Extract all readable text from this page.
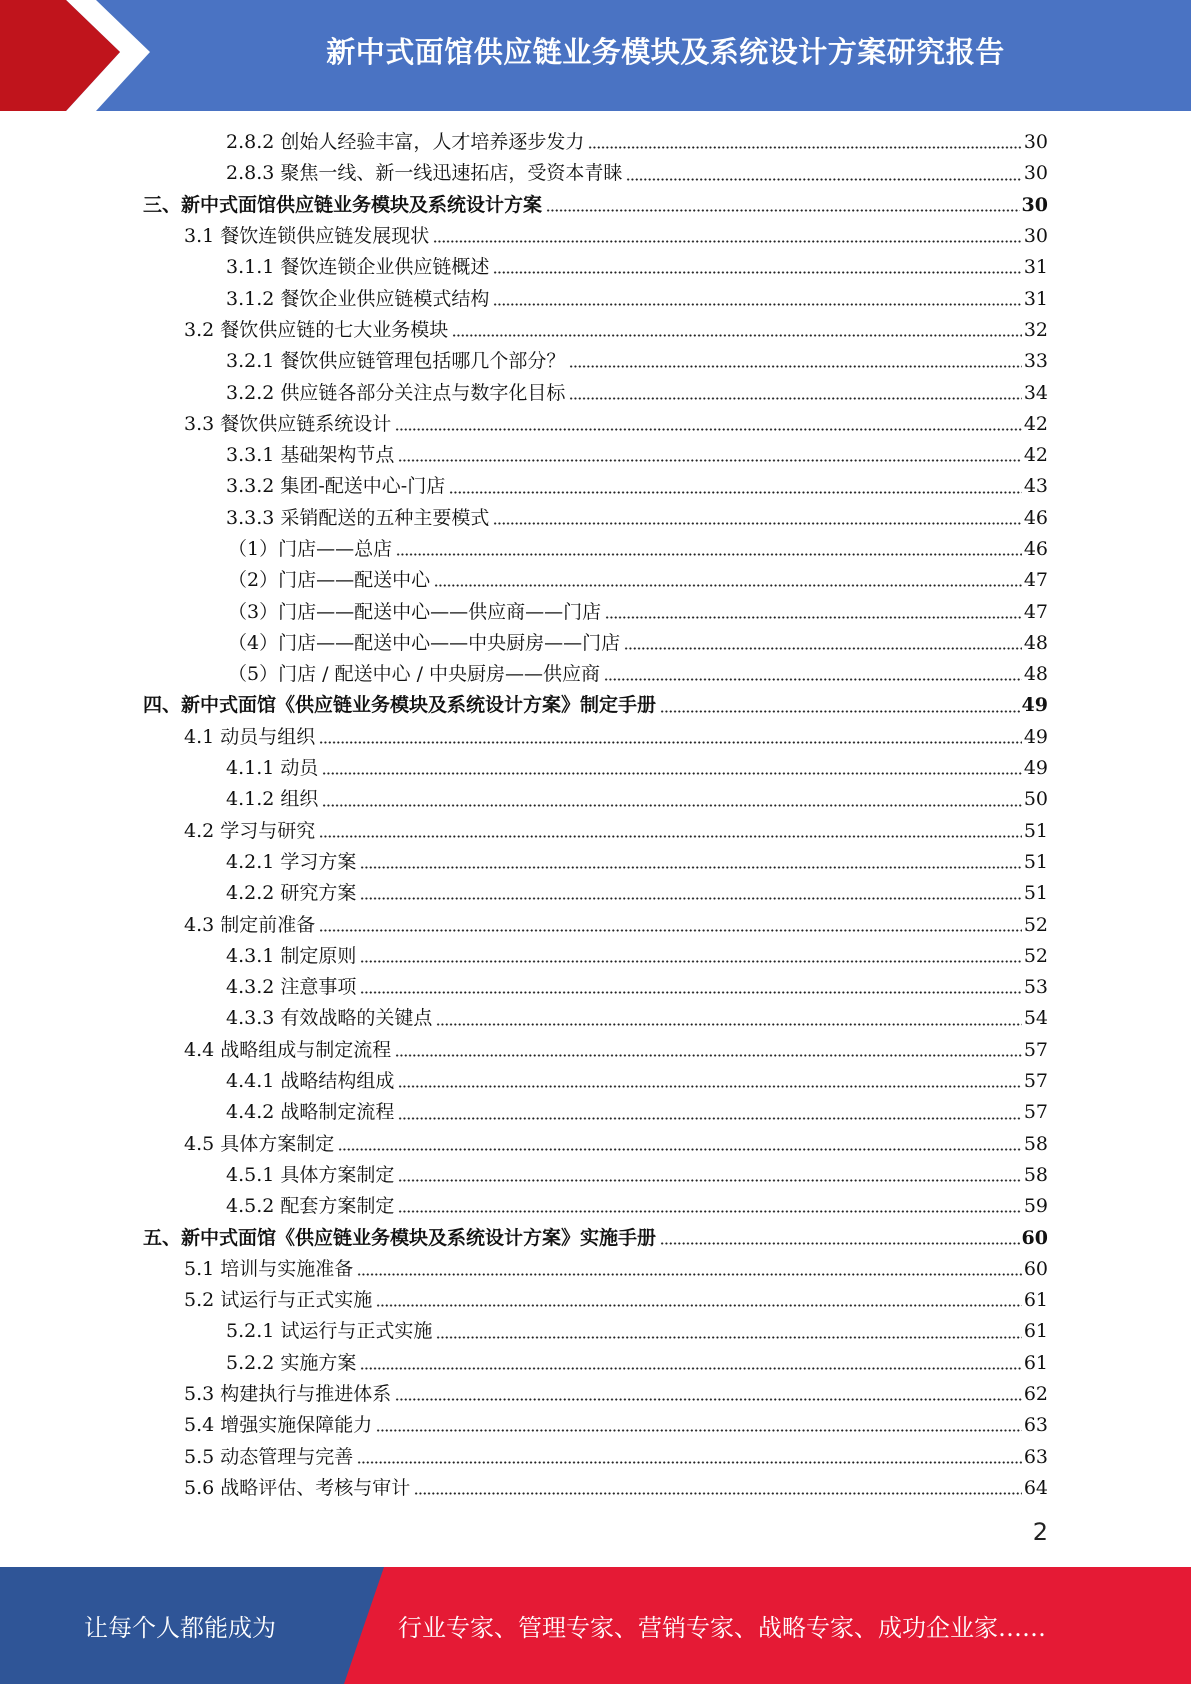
新中式面馆供应链业务模块及系统设计方案研究报告
2.8.2 创始人经验丰富，人才培养逐步发力	30
2.8.3 聚焦一线、新一线迅速拓店，受资本青睐	30
三、新中式面馆供应链业务模块及系统设计方案	30
3.1 餐饮连锁供应链发展现状	30
3.1.1 餐饮连锁企业供应链概述	31
3.1.2 餐饮企业供应链模式结构	31
3.2 餐饮供应链的七大业务模块	32
3.2.1 餐饮供应链管理包括哪几个部分？	33
3.2.2 供应链各部分关注点与数字化目标	34
3.3 餐饮供应链系统设计	42
3.3.1 基础架构节点	42
3.3.2 集团-配送中心-门店	43
3.3.3 采销配送的五种主要模式	46
（1）门店——总店	46
（2）门店——配送中心	47
（3）门店——配送中心——供应商——门店	47
（4）门店——配送中心——中央厨房——门店	48
（5）门店 / 配送中心 / 中央厨房——供应商	48
四、新中式面馆《供应链业务模块及系统设计方案》制定手册	49
4.1 动员与组织	49
4.1.1 动员	49
4.1.2 组织	50
4.2 学习与研究	51
4.2.1 学习方案	51
4.2.2 研究方案	51
4.3 制定前准备	52
4.3.1 制定原则	52
4.3.2 注意事项	53
4.3.3 有效战略的关键点	54
4.4 战略组成与制定流程	57
4.4.1 战略结构组成	57
4.4.2 战略制定流程	57
4.5 具体方案制定	58
4.5.1 具体方案制定	58
4.5.2 配套方案制定	59
五、新中式面馆《供应链业务模块及系统设计方案》实施手册	60
5.1 培训与实施准备	60
5.2 试运行与正式实施	61
5.2.1 试运行与正式实施	61
5.2.2 实施方案	61
5.3 构建执行与推进体系	62
5.4 增强实施保障能力	63
5.5 动态管理与完善	63
5.6 战略评估、考核与审计	64
2
让每个人都能成为	行业专家、管理专家、营销专家、战略专家、成功企业家……
